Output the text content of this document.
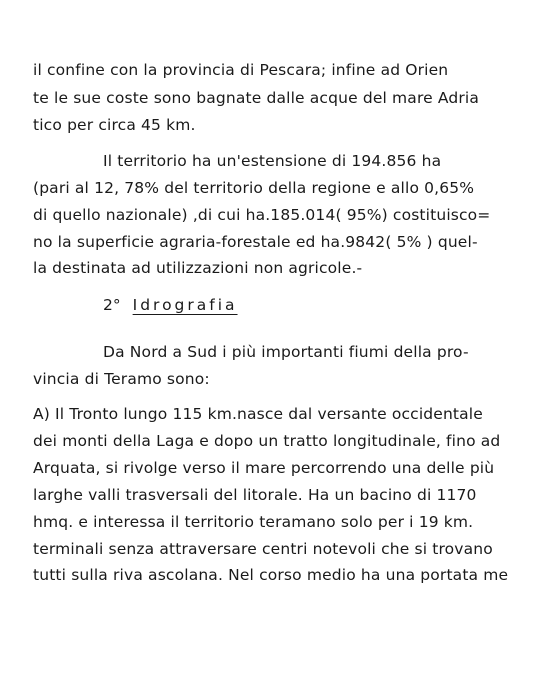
il confine con la provincia di Pescara; infine ad Orien
te le sue coste sono bagnate dalle acque del mare Adria
tico per circa 45 km.
Il territorio ha un'estensione di 194.856 ha
(pari al 12, 78% del territorio della regione e allo 0,65%
di quello nazionale) ,di cui ha.185.014( 95%) costituisco=
no la superficie agraria-forestale ed ha.9842( 5% ) quel-
la destinata ad utilizzazioni non agricole.-
2° Idrografia
Da Nord a Sud i più importanti fiumi della pro-
vincia di Teramo sono:
A) Il Tronto lungo 115 km.nasce dal versante occidentale
dei monti della Laga e dopo un tratto longitudinale, fino ad
Arquata, si rivolge verso il mare percorrendo una delle più
larghe valli trasversali del litorale. Ha un bacino di 1170
hmq. e interessa il territorio teramano solo per i 19 km.
terminali senza attraversare centri notevoli che si trovano
tutti sulla riva ascolana. Nel corso medio ha una portata me
